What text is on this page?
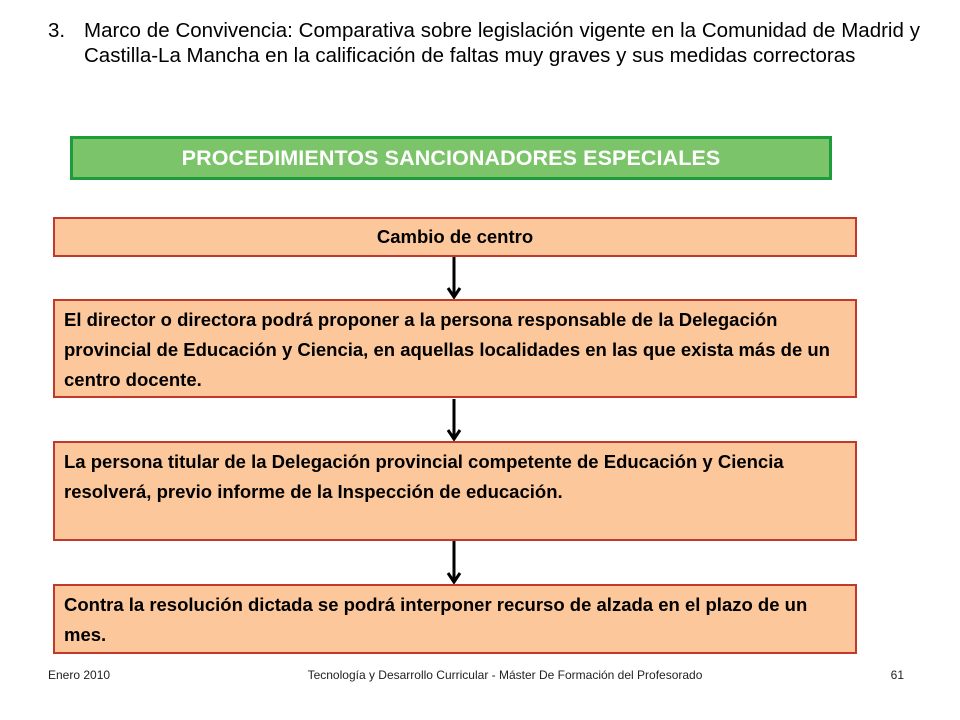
3. Marco de Convivencia: Comparativa sobre legislación vigente en la Comunidad de Madrid y Castilla-La Mancha en la calificación de faltas muy graves y sus medidas correctoras
PROCEDIMIENTOS SANCIONADORES ESPECIALES
Cambio de centro
El director o directora podrá proponer a la persona responsable de la Delegación provincial de Educación y Ciencia, en aquellas localidades en las que exista más de un centro docente.
La persona titular de la Delegación provincial competente de Educación y Ciencia resolverá, previo informe de la Inspección de educación.
Contra la resolución dictada se podrá interponer recurso de alzada en el plazo de un mes.
Enero 2010	Tecnología y Desarrollo Curricular - Máster De Formación del Profesorado	61
